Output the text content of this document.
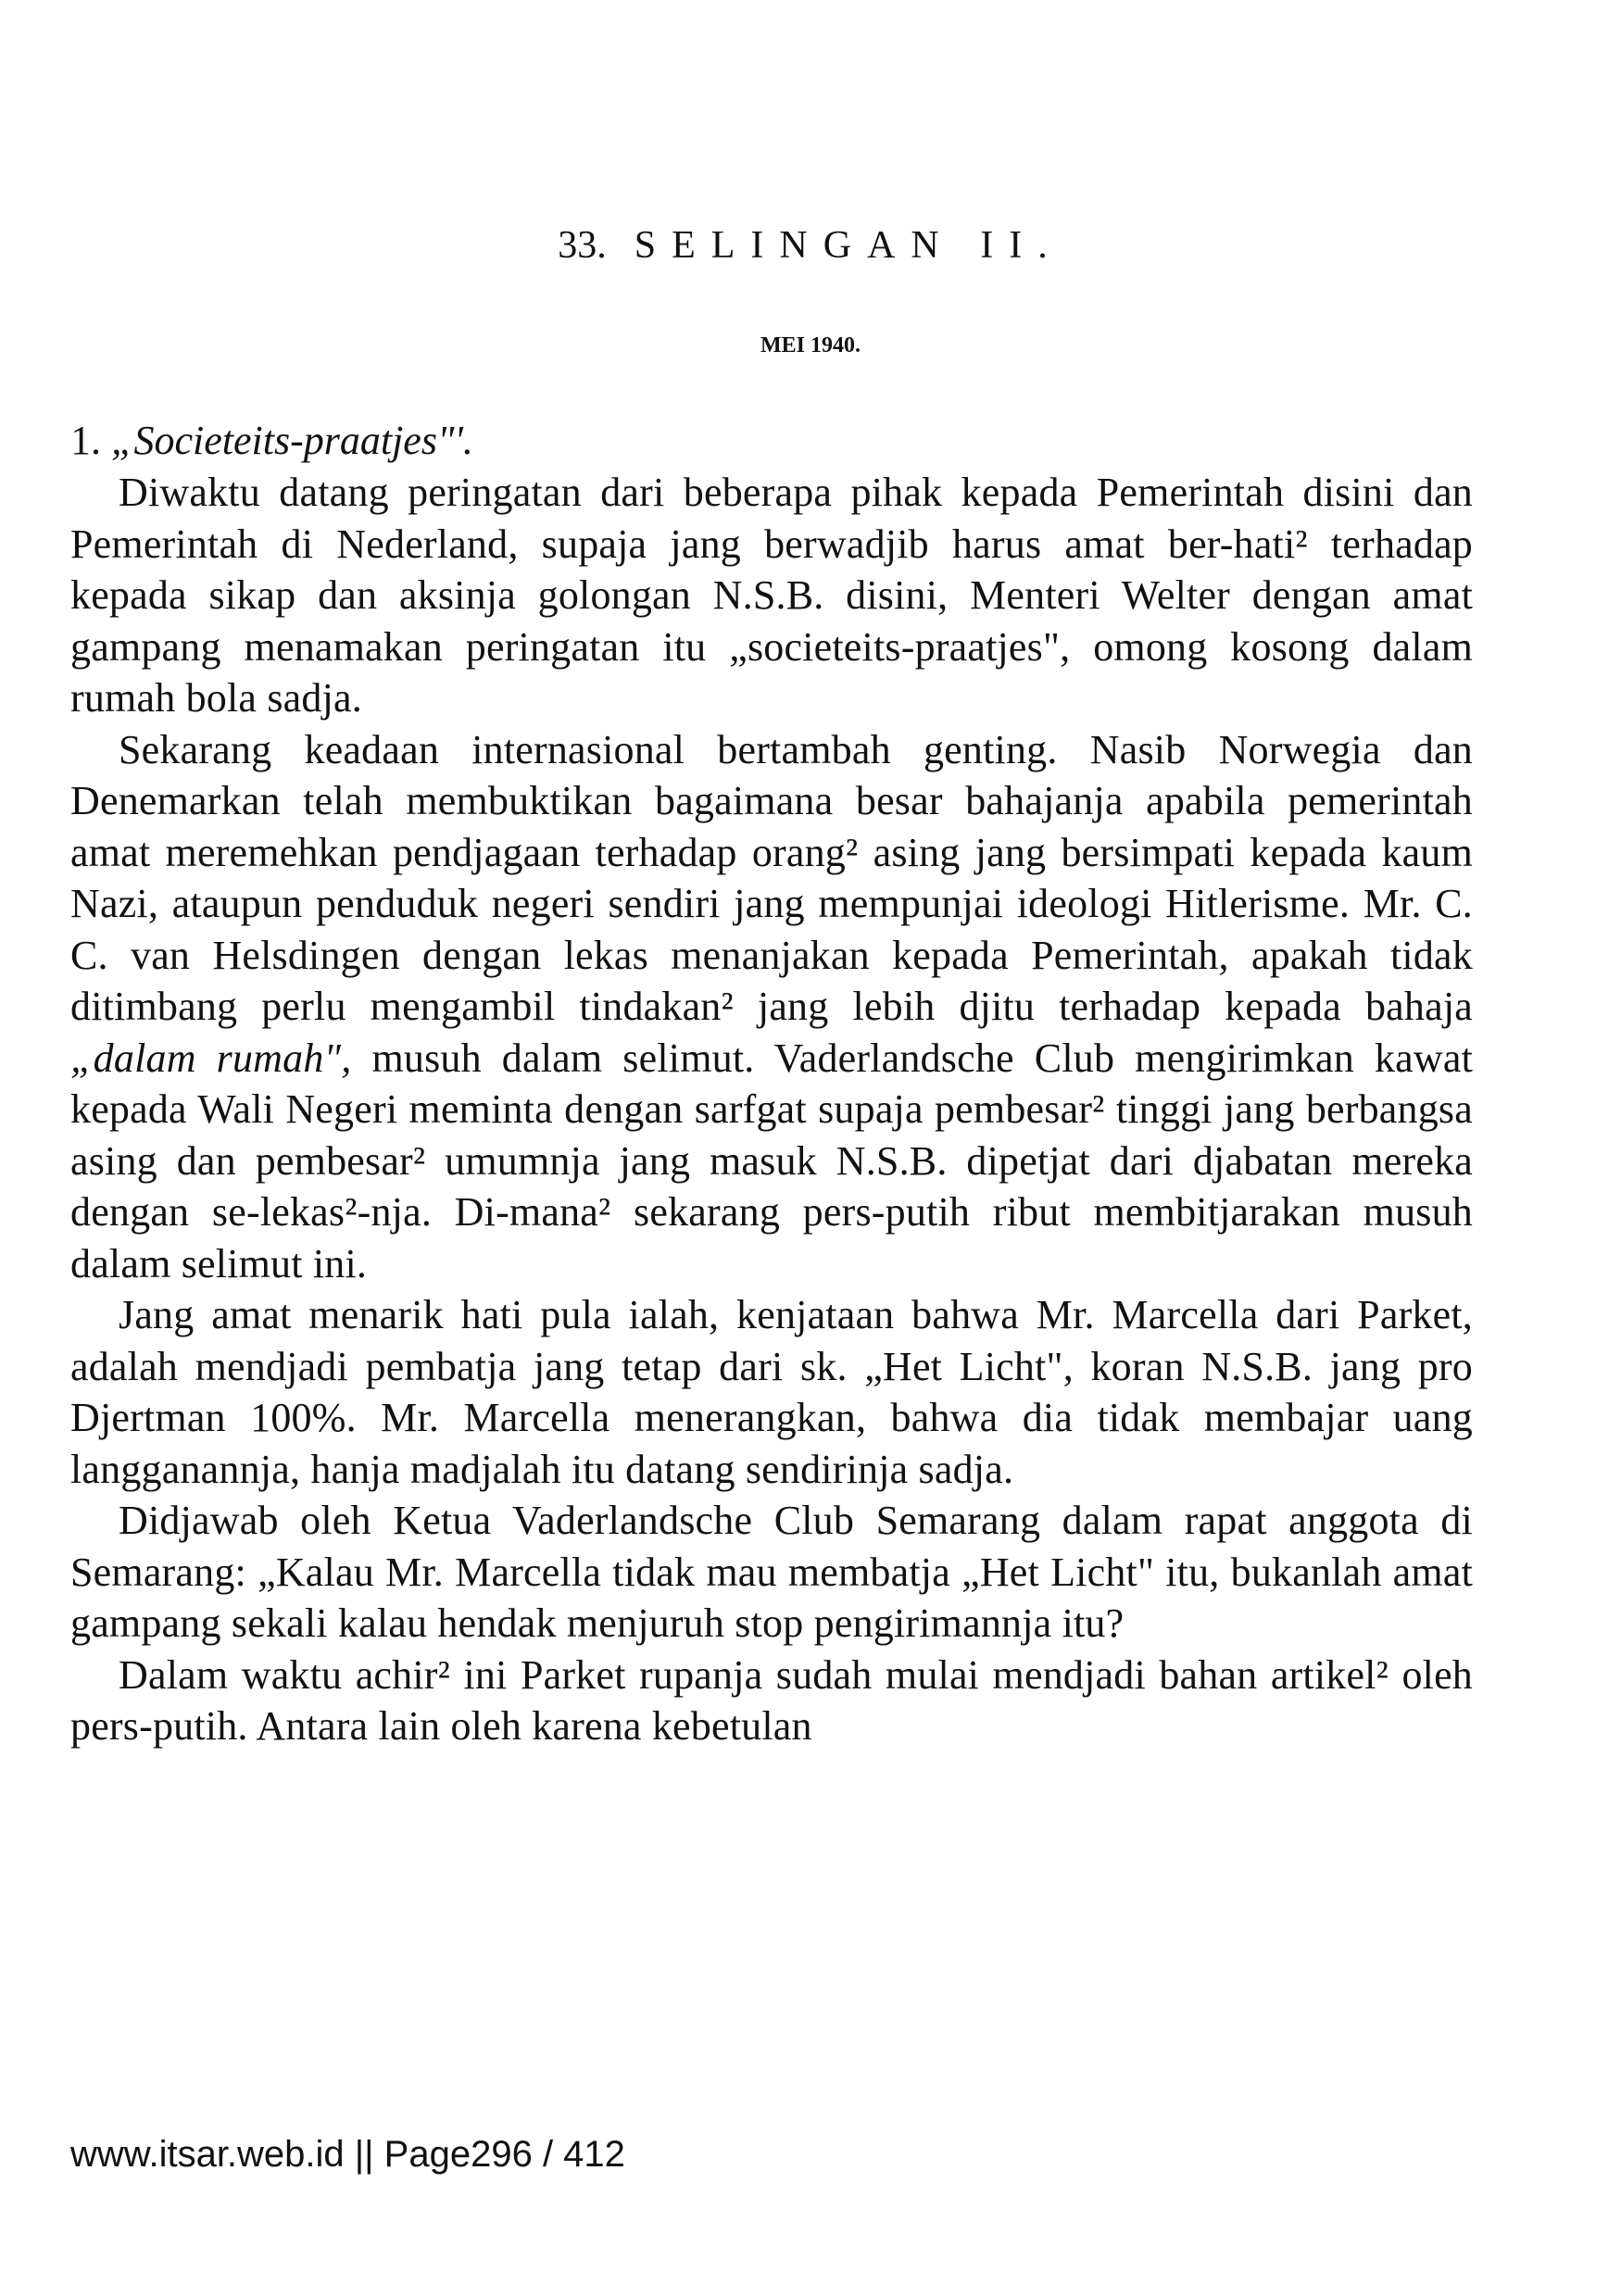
33. SELINGAN II.
MEI 1940.
1. „Societeits-praatjes"'.

Diwaktu datang peringatan dari beberapa pihak kepada Pemerintah disini dan Pemerintah di Nederland, supaja jang berwadjib harus amat ber-hati² terhadap kepada sikap dan aksinja golongan N.S.B. disini, Menteri Welter dengan amat gampang menamakan peringatan itu „societeits-praatjes", omong kosong dalam rumah bola sadja.

Sekarang keadaan internasional bertambah genting. Nasib Norwegia dan Denemarkan telah membuktikan bagaimana besar bahajanja apabila pemerintah amat meremehkan pendjagaan terhadap orang² asing jang bersimpati kepada kaum Nazi, ataupun penduduk negeri sendiri jang mempunjai ideologi Hitlerisme. Mr. C. C. van Helsdingen dengan lekas menanjakan kepada Pemerintah, apakah tidak ditimbang perlu mengambil tindakan² jang lebih djitu terhadap kepada bahaja „dalam rumah", musuh dalam selimut. Vaderlandsche Club mengirimkan kawat kepada Wali Negeri meminta dengan sarfgat supaja pembesar² tinggi jang berbangsa asing dan pembesar² umumnja jang masuk N.S.B. dipetjat dari djabatan mereka dengan se-lekas²-nja. Di-mana² sekarang pers-putih ribut membitjarakan musuh dalam selimut ini.

Jang amat menarik hati pula ialah, kenjataan bahwa Mr. Marcella dari Parket, adalah mendjadi pembatja jang tetap dari sk. „Het Licht", koran N.S.B. jang pro Djertman 100%. Mr. Marcella menerangkan, bahwa dia tidak membajar uang langganannja, hanja madjalah itu datang sendirinja sadja.

Didjawab oleh Ketua Vaderlandsche Club Semarang dalam rapat anggota di Semarang: „Kalau Mr. Marcella tidak mau membatja „Het Licht" itu, bukanlah amat gampang sekali kalau hendak menjuruh stop pengirimannja itu?

Dalam waktu achir² ini Parket rupanja sudah mulai mendjadi bahan artikel² oleh pers-putih. Antara lain oleh karena kebetulan

www.itsar.web.id || Page296 / 412
